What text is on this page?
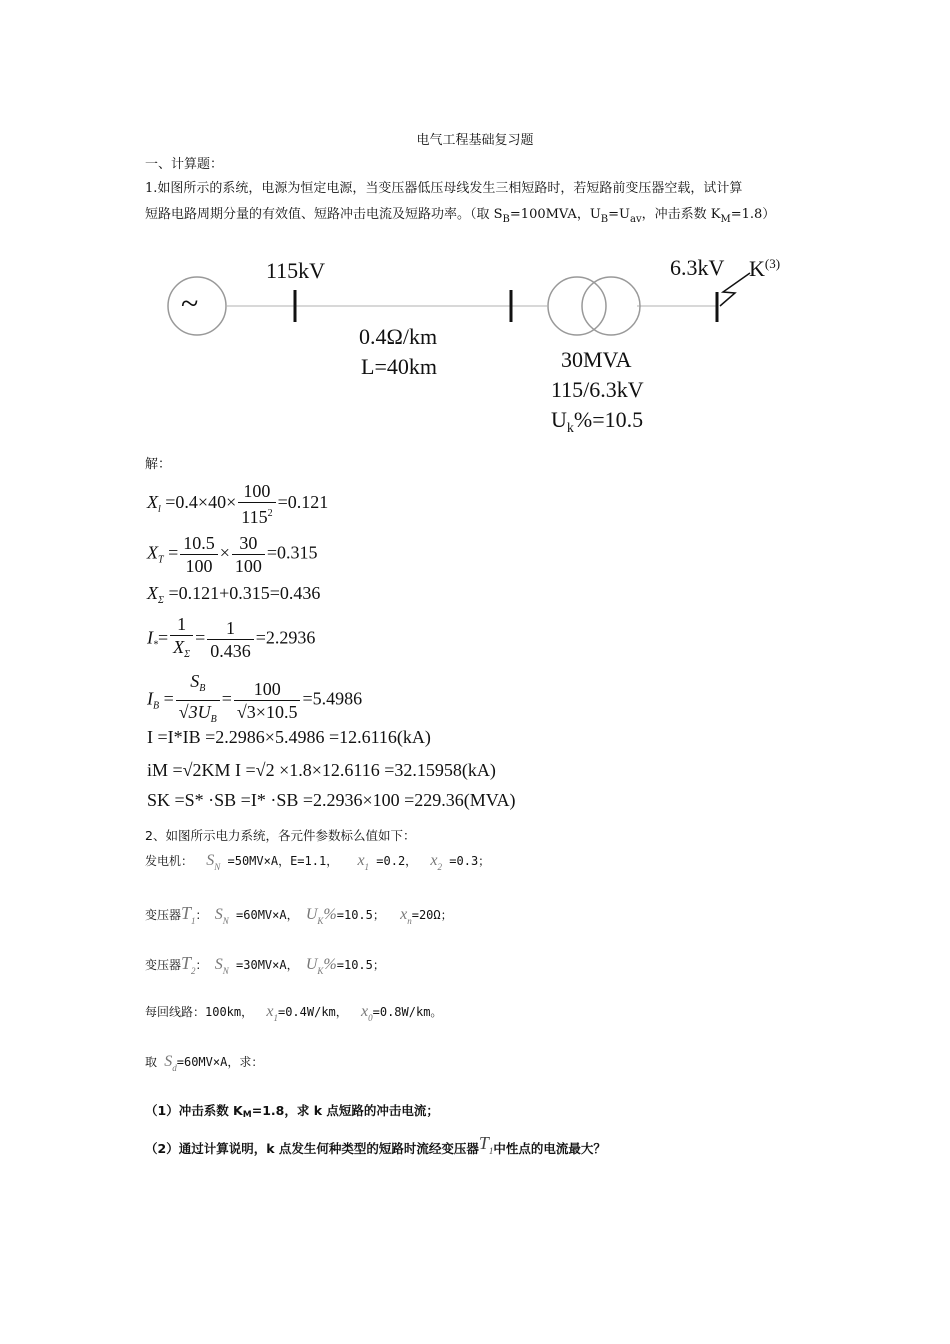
电气工程基础复习题
一、计算题：
1.如图所示的系统，电源为恒定电源，当变压器低压母线发生三相短路时，若短路前变压器空载，试计算
短路电路周期分量的有效值、短路冲击电流及短路功率。（取 $S_B=100MVA$，$U_B=U_{av}$，冲击系数 $K_M=1.8$）
~
115kV	6.3kV $K^{(3)}$
0.4Ω/km
L=40km	30MVA
115/6.3kV
$U_k\%=10.5$
解：
$X_l =0.4\times 40\times \frac{100}{115^2} =0.121$
$X_T = \frac{10.5}{100} \times \frac{30}{100} =0.315$
$X_\Sigma =0.121+0.315=0.436$
$I_*= \frac{1}{X_\Sigma} = \frac{1}{0.436} =2.2936$
$I_B = \frac{S_B}{√3U_B} = \frac{100}{√3\times 10.5} =5.4986$
I =I*IB =2.2986×5.4986 =12.6116(kA)
iM =√2KM I =√2 ×1.8×12.6116 =32.15958(kA)
SK =S* ·SB =I* ·SB =2.2936×100 =229.36(MVA)
2、如图所示电力系统，各元件参数标么值如下：
发电机： $S_N =50MV\times A$，E=1.1， $x_1 =0.2$， $x_2 =0.3$；
变压器$T_1$： $S_N =60MV\times A$， $U_K\%=10.5$； $x_n=20\Omega$；
变压器$T_2$： $S_N =30MV\times A$， $U_K\%=10.5$；
每回线路：100km， $x_1=0.4W/km$， $x_0=0.8W/km$。
取 $S_d=60MV\times A$，求：
（1）冲击系数 KM=1.8，求 k 点短路的冲击电流；
（2）通过计算说明，k 点发生何种类型的短路时流经变压器$T_1$中性点的电流最大？
